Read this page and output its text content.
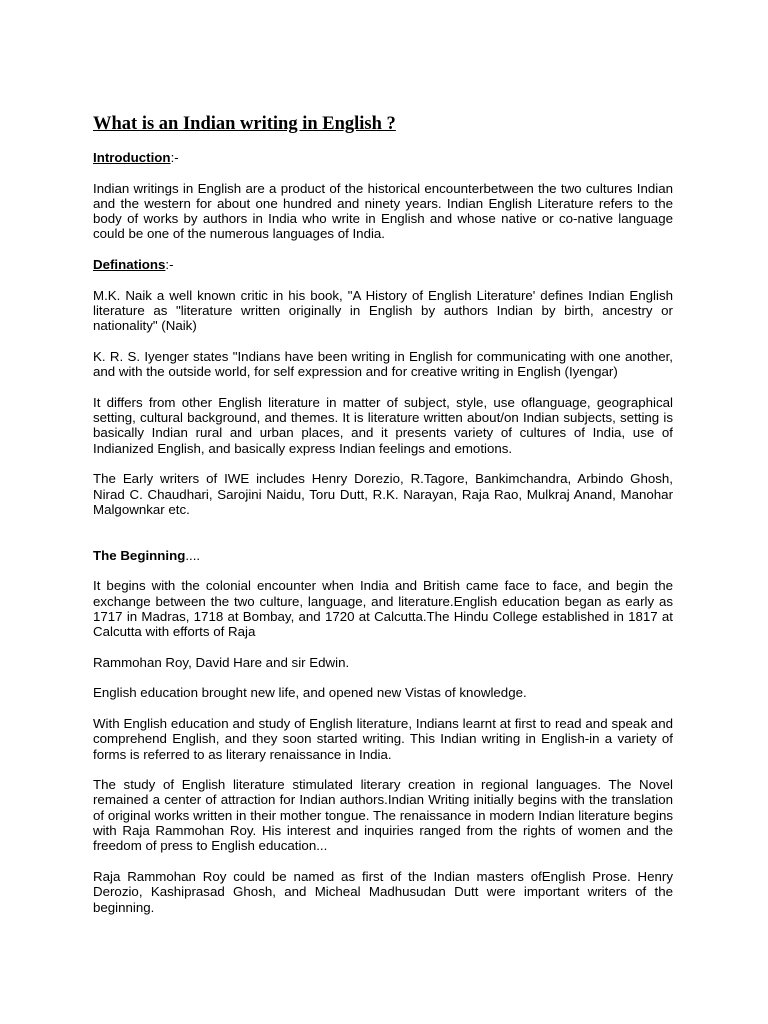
What is an Indian writing in English ?

Introduction:-

Indian writings in English are a product of the historical encounterbetween the two cultures Indian and the western for about one hundred and ninety years. Indian English Literature refers to the body of works by authors in India who write in English and whose native or co-native language could be one of the numerous languages of India.

Definations:-

M.K. Naik a well known critic in his book, "A History of English Literature' defines Indian English literature as "literature written originally in English by authors Indian by birth, ancestry or nationality" (Naik)

K. R. S. Iyenger states "Indians have been writing in English for communicating with one another, and with the outside world, for self expression and for creative writing in English (Iyengar)

It differs from other English literature in matter of subject, style, use oflanguage, geographical setting, cultural background, and themes. It is literature written about/on Indian subjects, setting is basically Indian rural and urban places, and it presents variety of cultures of India, use of Indianized English, and basically express Indian feelings and emotions.

The Early writers of IWE includes Henry Dorezio, R.Tagore, Bankimchandra, Arbindo Ghosh, Nirad C. Chaudhari, Sarojini Naidu, Toru Dutt, R.K. Narayan, Raja Rao, Mulkraj Anand, Manohar Malgownkar etc.

The Beginning....

It begins with the colonial encounter when India and British came face to face, and begin the exchange between the two culture, language, and literature.English education began as early as 1717 in Madras, 1718 at Bombay, and 1720 at Calcutta.The Hindu College established in 1817 at Calcutta with efforts of Raja

Rammohan Roy, David Hare and sir Edwin.

English education brought new life, and opened new Vistas of knowledge.

With English education and study of English literature, Indians learnt at first to read and speak and comprehend English, and they soon started writing. This Indian writing in English-in a variety of forms is referred to as literary renaissance in India.

The study of English literature stimulated literary creation in regional languages. The Novel remained a center of attraction for Indian authors.Indian Writing initially begins with the translation of original works written in their mother tongue. The renaissance in modern Indian literature begins with Raja Rammohan Roy. His interest and inquiries ranged from the rights of women and the freedom of press to English education...

Raja Rammohan Roy could be named as first of the Indian masters ofEnglish Prose. Henry Derozio, Kashiprasad Ghosh, and Micheal Madhusudan Dutt were important writers of the beginning.
